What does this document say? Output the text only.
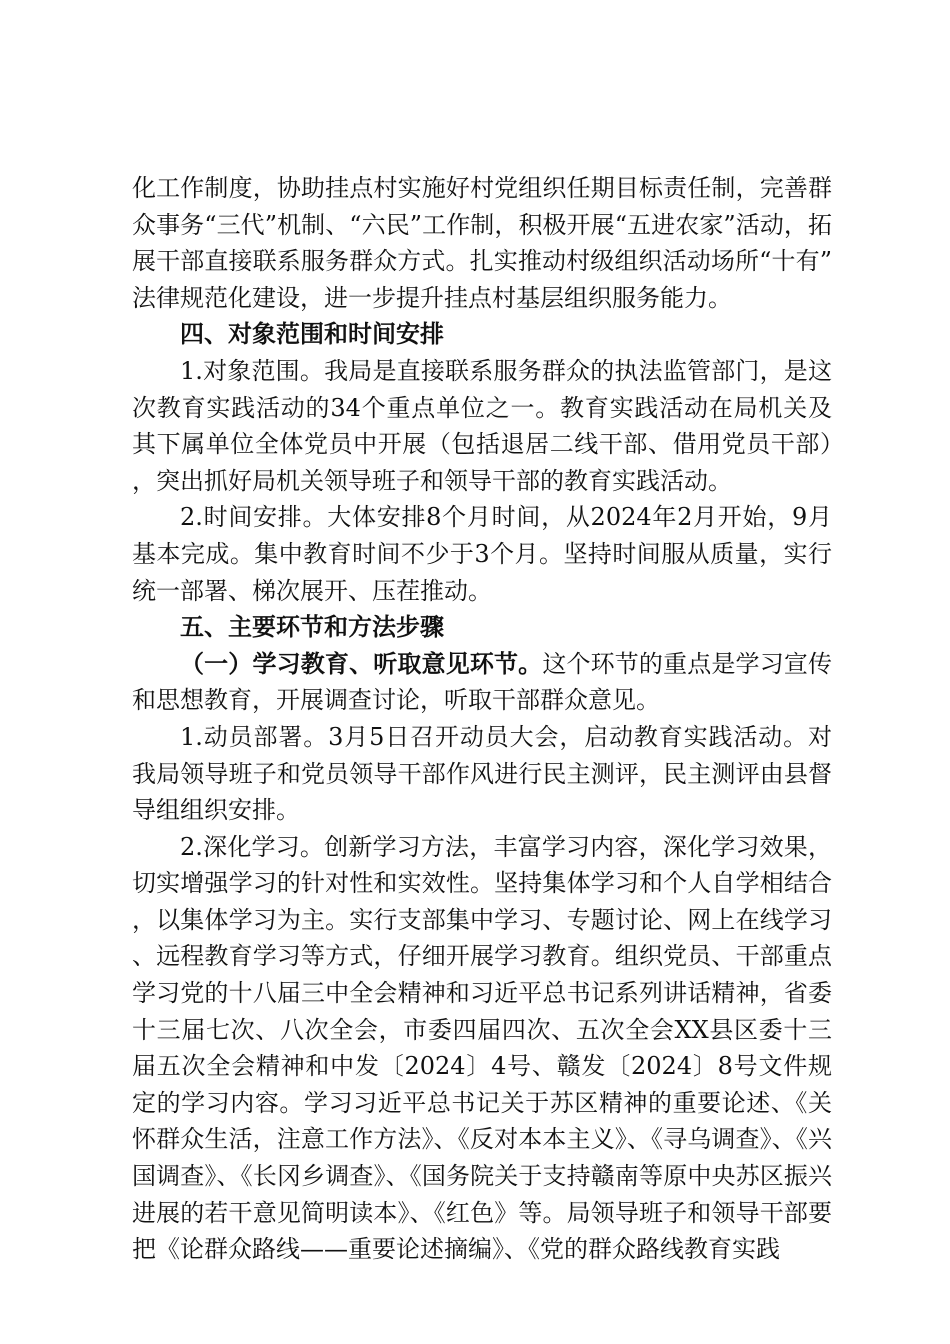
化工作制度，协助挂点村实施好村党组织任期目标责任制，完善群众事务“三代”机制、“六民”工作制，积极开展“五进农家”活动，拓展干部直接联系服务群众方式。扎实推动村级组织活动场所“十有”法律规范化建设，进一步提升挂点村基层组织服务能力。

四、对象范围和时间安排

1.对象范围。我局是直接联系服务群众的执法监管部门，是这次教育实践活动的34个重点单位之一。教育实践活动在局机关及其下属单位全体党员中开展（包括退居二线干部、借用党员干部），突出抓好局机关领导班子和领导干部的教育实践活动。

2.时间安排。大体安排8个月时间，从2024年2月开始，9月基本完成。集中教育时间不少于3个月。坚持时间服从质量，实行统一部署、梯次展开、压茬推动。

五、主要环节和方法步骤

（一）学习教育、听取意见环节。这个环节的重点是学习宣传和思想教育，开展调查讨论，听取干部群众意见。

1.动员部署。3月5日召开动员大会，启动教育实践活动。对我局领导班子和党员领导干部作风进行民主测评，民主测评由县督导组组织安排。

2.深化学习。创新学习方法，丰富学习内容，深化学习效果，切实增强学习的针对性和实效性。坚持集体学习和个人自学相结合，以集体学习为主。实行支部集中学习、专题讨论、网上在线学习、远程教育学习等方式，仔细开展学习教育。组织党员、干部重点学习党的十八届三中全会精神和习近平总书记系列讲话精神，省委十三届七次、八次全会，市委四届四次、五次全会XX县区委十三届五次全会精神和中发〔2024〕4号、赣发〔2024〕8号文件规定的学习内容。学习习近平总书记关于苏区精神的重要论述、《关怀群众生活，注意工作方法》、《反对本本主义》、《寻乌调查》、《兴国调查》、《长冈乡调查》、《国务院关于支持赣南等原中央苏区振兴进展的若干意见简明读本》、《红色》等。局领导班子和领导干部要把《论群众路线——重要论述摘编》、《党的群众路线教育实践
